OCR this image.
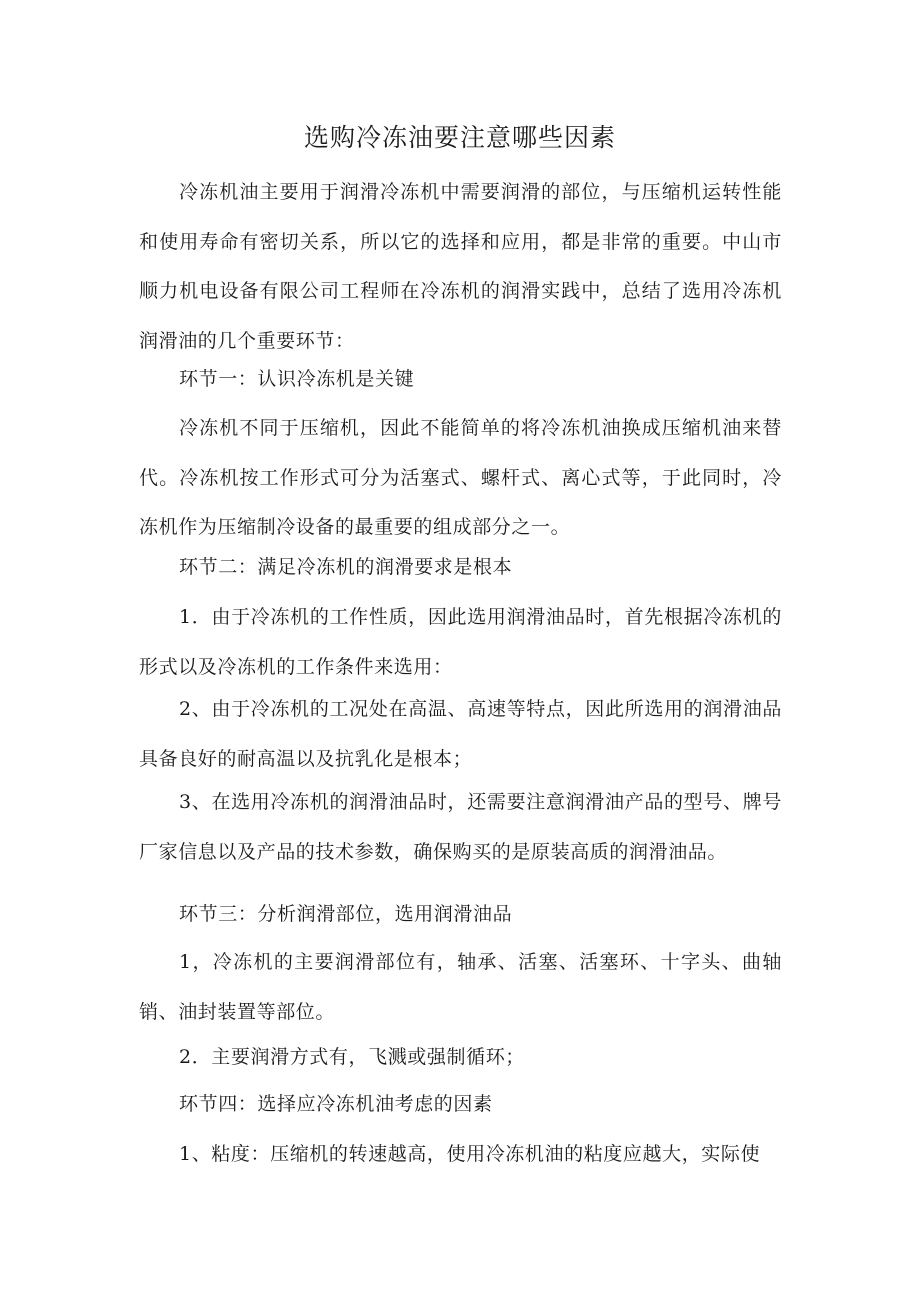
选购冷冻油要注意哪些因素

冷冻机油主要用于润滑冷冻机中需要润滑的部位，与压缩机运转性能和使用寿命有密切关系，所以它的选择和应用，都是非常的重要。中山市顺力机电设备有限公司工程师在冷冻机的润滑实践中，总结了选用冷冻机润滑油的几个重要环节：

环节一：认识冷冻机是关键

冷冻机不同于压缩机，因此不能简单的将冷冻机油换成压缩机油来替代。冷冻机按工作形式可分为活塞式、螺杆式、离心式等，于此同时，冷冻机作为压缩制冷设备的最重要的组成部分之一。

环节二：满足冷冻机的润滑要求是根本

1．由于冷冻机的工作性质，因此选用润滑油品时，首先根据冷冻机的形式以及冷冻机的工作条件来选用：

2、由于冷冻机的工况处在高温、高速等特点，因此所选用的润滑油品具备良好的耐高温以及抗乳化是根本；

3、在选用冷冻机的润滑油品时，还需要注意润滑油产品的型号、牌号厂家信息以及产品的技术参数，确保购买的是原装高质的润滑油品。

环节三：分析润滑部位，选用润滑油品

1，冷冻机的主要润滑部位有，轴承、活塞、活塞环、十字头、曲轴销、油封装置等部位。

2．主要润滑方式有，飞溅或强制循环；

环节四：选择应冷冻机油考虑的因素

1、粘度：压缩机的转速越高，使用冷冻机油的粘度应越大，实际使
